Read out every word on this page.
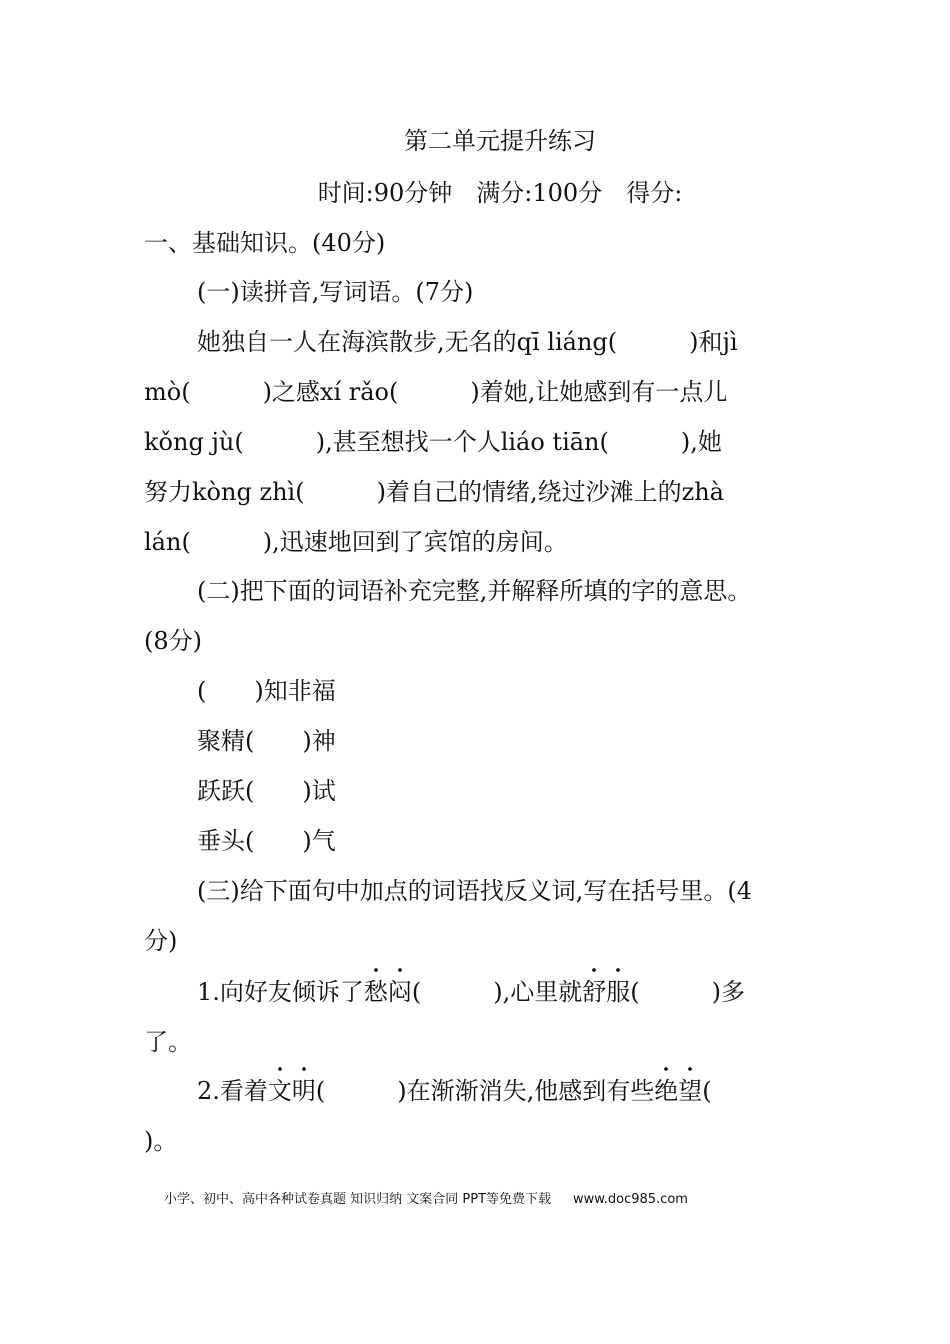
第二单元提升练习
时间:90分钟　满分:100分　得分:
一、基础知识。(40分)
(一)读拼音,写词语。(7分)
她独自一人在海滨散步,无名的qī liáng(　　　)和jì
mò(　　　)之感xí rǎo(　　　)着她,让她感到有一点儿
kǒng jù(　　　),甚至想找一个人liáo tiān(　　　),她
努力kòng zhì(　　　)着自己的情绪,绕过沙滩上的zhà
lán(　　　),迅速地回到了宾馆的房间。
(二)把下面的词语补充完整,并解释所填的字的意思。
(8分)
(　　)知非福
聚精(　　)神
跃跃(　　)试
垂头(　　)气
(三)给下面句中加点的词语找反义词,写在括号里。(4
分)
1.向好友倾诉了愁闷(　　　),心里就舒服(　　　)多
了。
2.看着文明(　　　)在渐渐消失,他感到有些绝望(
)。
小学、初中、高中各种试卷真题 知识归纳 文案合同 PPT等免费下载 www.doc985.com
